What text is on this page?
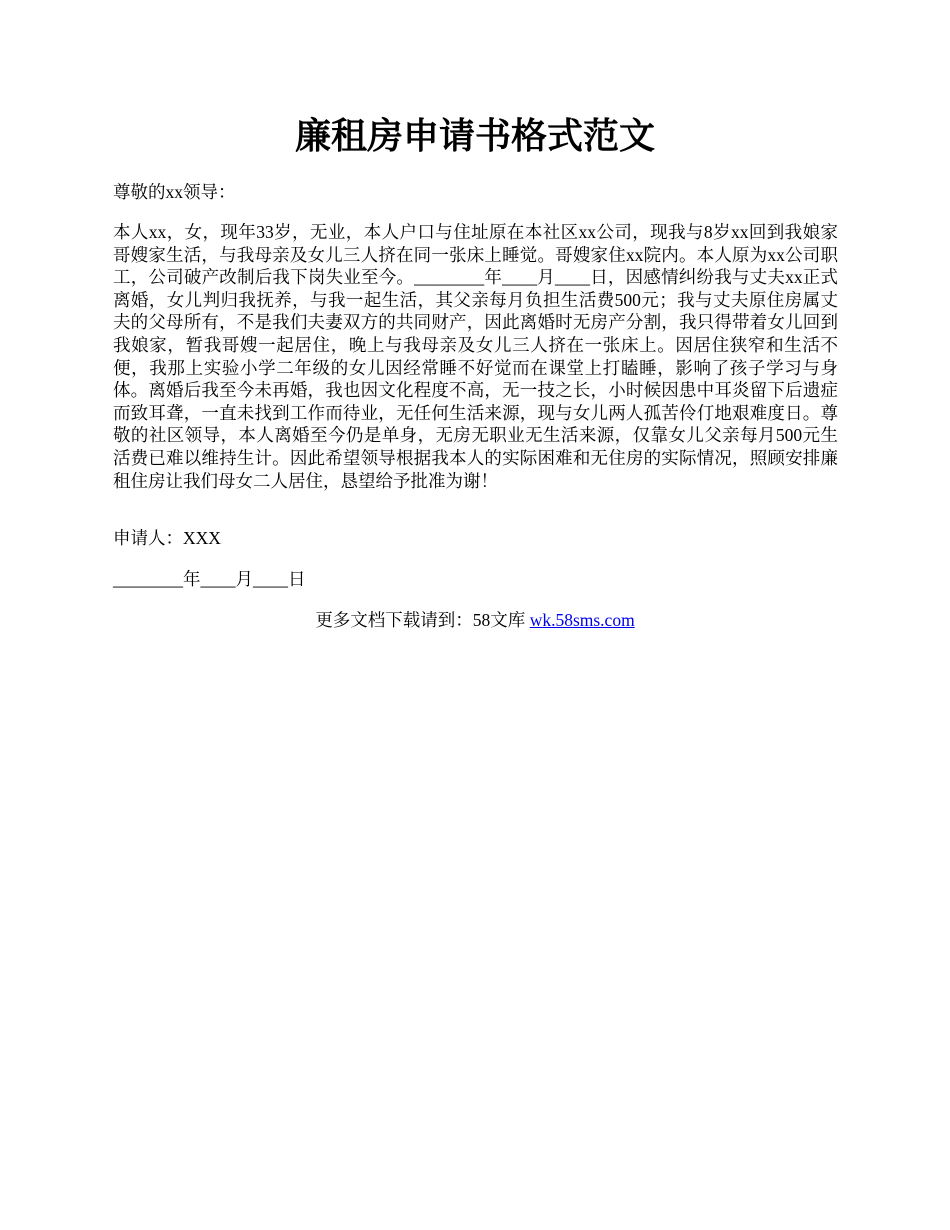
廉租房申请书格式范文

尊敬的xx领导：

本人xx，女，现年33岁，无业，本人户口与住址原在本社区xx公司，现我与8岁xx回到我娘家哥嫂家生活，与我母亲及女儿三人挤在同一张床上睡觉。哥嫂家住xx院内。本人原为xx公司职工，公司破产改制后我下岗失业至今。________年____月____日，因感情纠纷我与丈夫xx正式离婚，女儿判归我抚养，与我一起生活，其父亲每月负担生活费500元；我与丈夫原住房属丈夫的父母所有，不是我们夫妻双方的共同财产，因此离婚时无房产分割，我只得带着女儿回到我娘家，暂我哥嫂一起居住，晚上与我母亲及女儿三人挤在一张床上。因居住狭窄和生活不便，我那上实验小学二年级的女儿因经常睡不好觉而在课堂上打瞌睡，影响了孩子学习与身体。离婚后我至今未再婚，我也因文化程度不高，无一技之长，小时候因患中耳炎留下后遗症而致耳聋，一直未找到工作而待业，无任何生活来源，现与女儿两人孤苦伶仃地艰难度日。尊敬的社区领导，本人离婚至今仍是单身，无房无职业无生活来源，仅靠女儿父亲每月500元生活费已难以维持生计。因此希望领导根据我本人的实际困难和无住房的实际情况，照顾安排廉租住房让我们母女二人居住，恳望给予批准为谢！

申请人：XXX

________年____月____日

更多文档下载请到：58文库 wk.58sms.com
